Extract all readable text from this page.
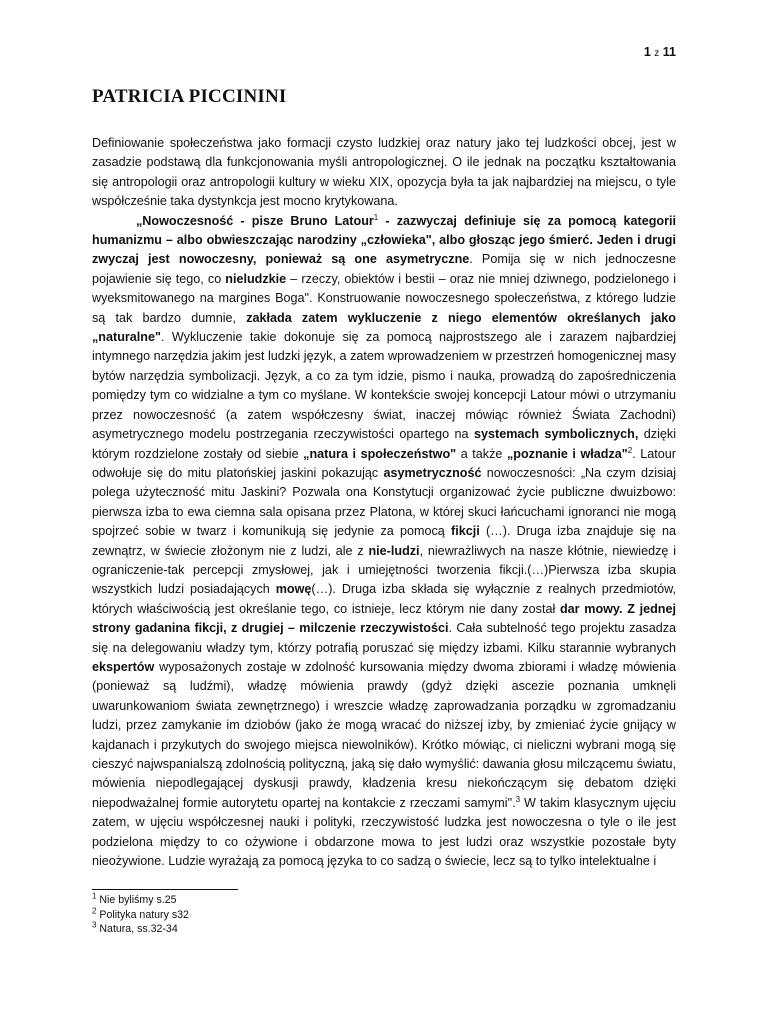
1 z 11
PATRICIA PICCININI

Definiowanie społeczeństwa jako formacji czysto ludzkiej oraz natury jako tej ludzkości obcej, jest w zasadzie podstawą dla funkcjonowania myśli antropologicznej. O ile jednak na początku kształtowania się antropologii oraz antropologii kultury w wieku XIX, opozycja była ta jak najbardziej na miejscu, o tyle współcześnie taka dystynkcja jest mocno krytykowana.

„Nowoczesność - pisze Bruno Latour$^1$ - zazwyczaj definiuje się za pomocą kategorii humanizmu – albo obwieszczając narodziny „człowieka", albo głosząc jego śmierć. Jeden i drugi zwyczaj jest nowoczesny, ponieważ są one asymetryczne. Pomija się w nich jednoczesne pojawienie się tego, co nieludzkie – rzeczy, obiektów i bestii – oraz nie mniej dziwnego, podzielonego i wyeksmitowanego na margines Boga". Konstruowanie nowoczesnego społeczeństwa, z którego ludzie są tak bardzo dumnie, zakłada zatem wykluczenie z niego elementów określanych jako „naturalne". Wykluczenie takie dokonuje się za pomocą najprostszego ale i zarazem najbardziej intymnego narzędzia jakim jest ludzki język, a zatem wprowadzeniem w przestrzeń homogenicznej masy bytów narzędzia symbolizacji. Język, a co za tym idzie, pismo i nauka, prowadzą do zapośredniczenia pomiędzy tym co widzialne a tym co myślane. W kontekście swojej koncepcji Latour mówi o utrzymaniu przez nowoczesność (a zatem współczesny świat, inaczej mówiąc również Świata Zachodni) asymetrycznego modelu postrzegania rzeczywistości opartego na systemach symbolicznych, dzięki którym rozdzielone zostały od siebie „natura i społeczeństwo" a także „poznanie i władza"$^2$. Latour odwołuje się do mitu platońskiej jaskini pokazując asymetryczność nowoczesności: „Na czym dzisiaj polega użyteczność mitu Jaskini? Pozwala ona Konstytucji organizować życie publiczne dwuizbowo: pierwsza izba to ewa ciemna sala opisana przez Platona, w której skuci łańcuchami ignoranci nie mogą spojrzeć sobie w twarz i komunikują się jedynie za pomocą fikcji (…). Druga izba znajduje się na zewnątrz, w świecie złożonym nie z ludzi, ale z nie-ludzi, niewrażliwych na nasze kłótnie, niewiedzę i ograniczenie-tak percepcji zmysłowej, jak i umiejętności tworzenia fikcji.(…)Pierwsza izba skupia wszystkich ludzi posiadających mowę(…). Druga izba składa się wyłącznie z realnych przedmiotów, których właściwością jest określanie tego, co istnieje, lecz którym nie dany został dar mowy. Z jednej strony gadanina fikcji, z drugiej – milczenie rzeczywistości. Cała subtelność tego projektu zasadza się na delegowaniu władzy tym, którzy potrafią poruszać się między izbami. Kilku starannie wybranych ekspertów wyposażonych zostaje w zdolność kursowania między dwoma zbiorami i władzę mówienia (ponieważ są ludźmi), władzę mówienia prawdy (gdyż dzięki ascezie poznania umknęli uwarunkowaniom świata zewnętrznego) i wreszcie władzę zaprowadzania porządku w zgromadzaniu ludzi, przez zamykanie im dziobów (jako że mogą wracać do niższej izby, by zmieniać życie gnijący w kajdanach i przykutych do swojego miejsca niewolników). Krótko mówiąc, ci nieliczni wybrani mogą się cieszyć najwspanialszą zdolnością polityczną, jaką się dało wymyślić: dawania głosu milczącemu światu, mówienia niepodlegającej dyskusji prawdy, kładzenia kresu niekończącym się debatom dzięki niepodważalnej formie autorytetu opartej na kontakcie z rzeczami samymi".$^3$ W takim klasycznym ujęciu zatem, w ujęciu współczesnej nauki i polityki, rzeczywistość ludzka jest nowoczesna o tyle o ile jest podzielona między to co ożywione i obdarzone mowa to jest ludzi oraz wszystkie pozostałe byty nieożywione. Ludzie wyrażają za pomocą języka to co sadzą o świecie, lecz są to tylko intelektualne i

$^1$ Nie byliśmy s.25
$^2$ Polityka natury s32
$^3$ Natura, ss.32-34
